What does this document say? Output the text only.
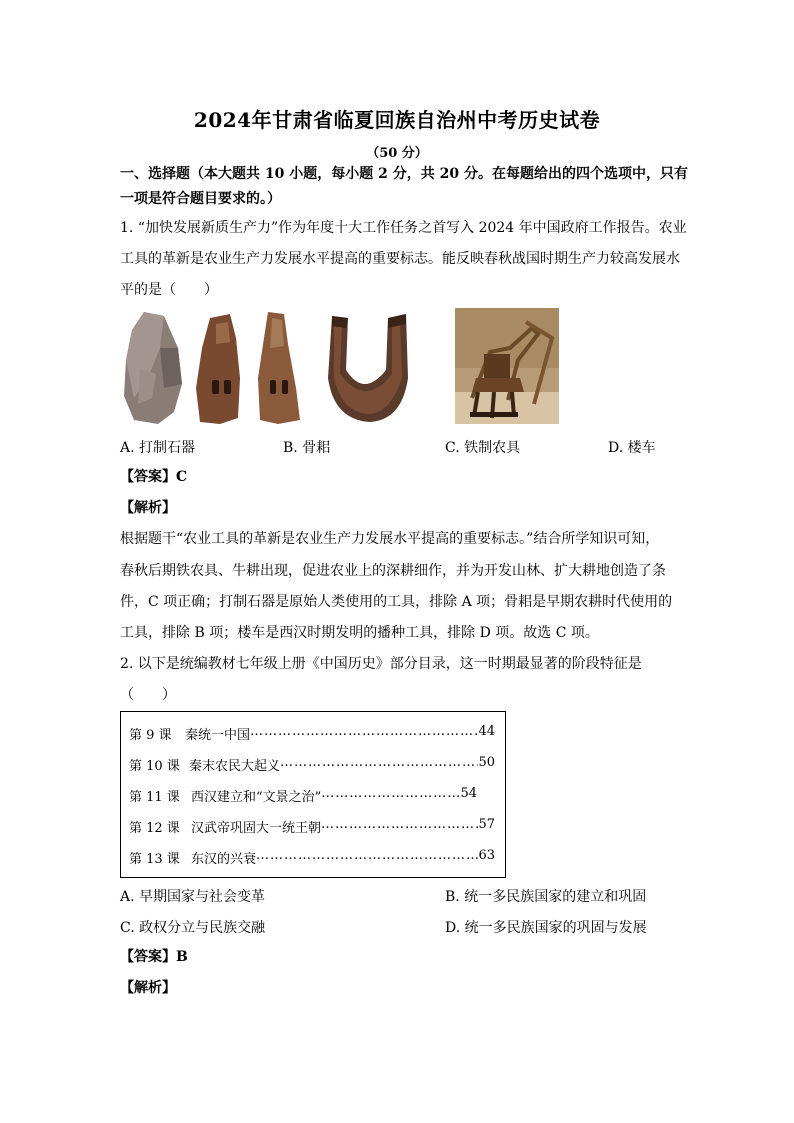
2024年甘肃省临夏回族自治州中考历史试卷
（50 分）
一、选择题（本大题共 10 小题，每小题 2 分，共 20 分。在每题给出的四个选项中，只有
一项是符合题目要求的。）
1. “加快发展新质生产力”作为年度十大工作任务之首写入 2024 年中国政府工作报告。农业
工具的革新是农业生产力发展水平提高的重要标志。能反映春秋战国时期生产力较高发展水
平的是（　　）
A. 打制石器	B. 骨耜	C. 铁制农具	D. 楼车
【答案】C
【解析】
根据题干“农业工具的革新是农业生产力发展水平提高的重要标志。”结合所学知识可知，
春秋后期铁农具、牛耕出现，促进农业上的深耕细作，并为开发山林、扩大耕地创造了条
件，C 项正确；打制石器是原始人类使用的工具，排除 A 项；骨耜是早期农耕时代使用的
工具，排除 B 项；楼车是西汉时期发明的播种工具，排除 D 项。故选 C 项。
2. 以下是统编教材七年级上册《中国历史》部分目录，这一时期最显著的阶段特征是
（　　）
第 9 课	秦统一中国 ……………………………………………………………………………………………………	44
第 10 课 秦末农民大起义 ……………………………………………………………………………………………………	50
第 11 课 西汉建立和“文景之治” ……………………………………………………………………………………………………	54
第 12 课 汉武帝巩固大一统王朝 ……………………………………………………………………………………………………	57
第 13 课 东汉的兴衰 ……………………………………………………………………………………………………	63
A. 早期国家与社会变革	B. 统一多民族国家的建立和巩固
C. 政权分立与民族交融	D. 统一多民族国家的巩固与发展
【答案】B
【解析】
